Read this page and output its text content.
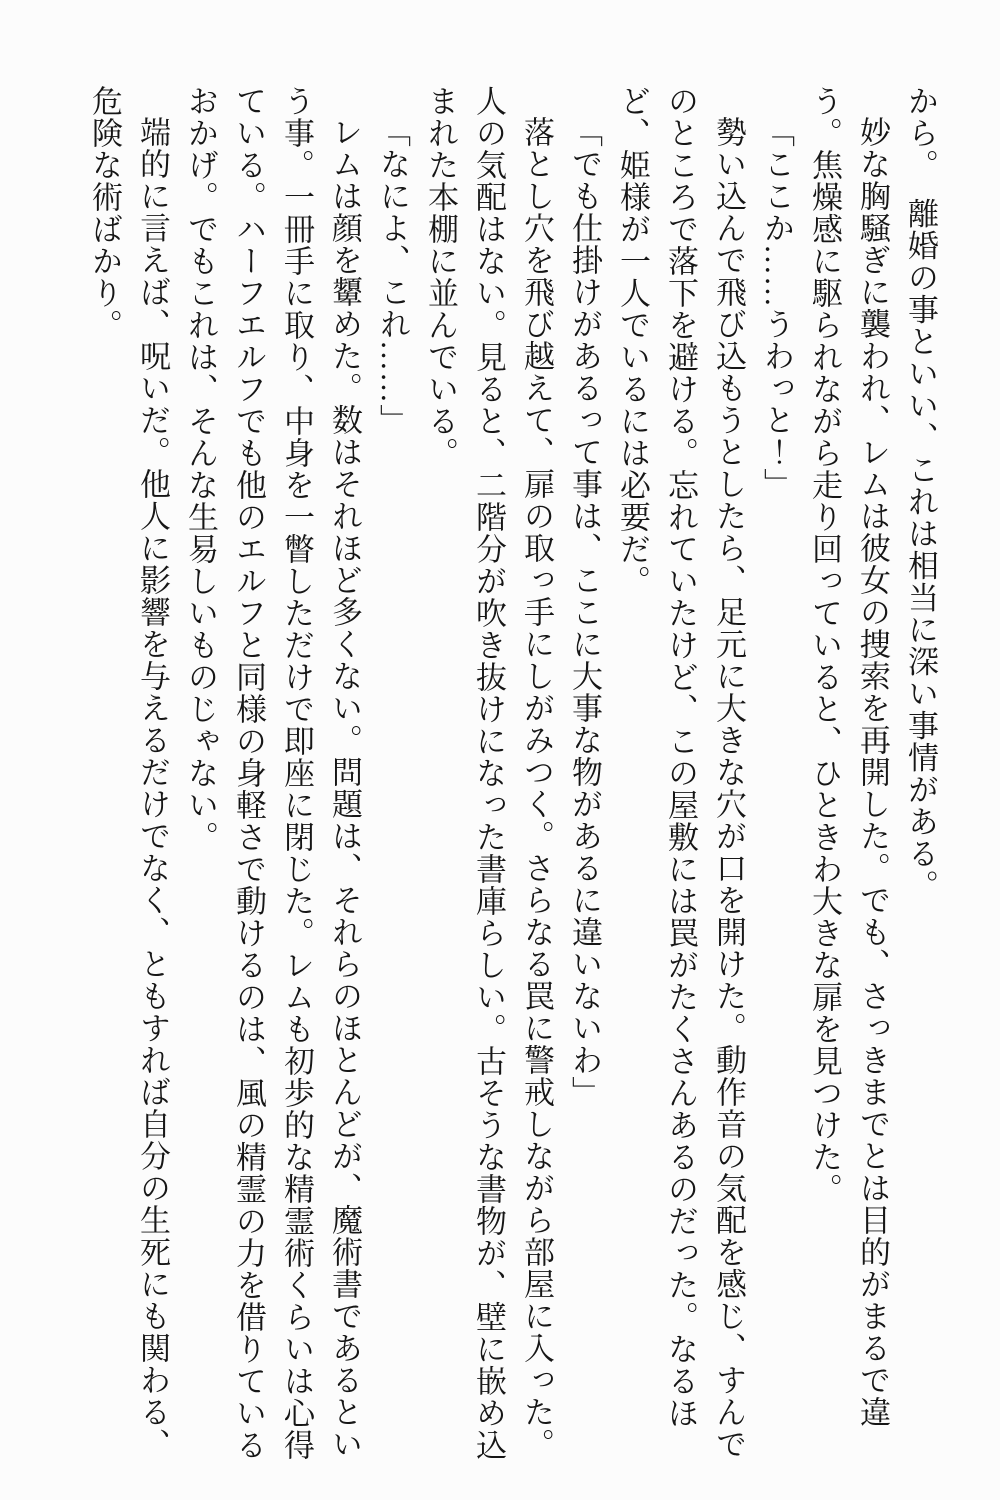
から。　離婚の事といい、これは相当に深い事情がある。

妙な胸騒ぎに襲われ、レムは彼女の捜索を再開した。でも、さっきまでとは目的がまるで違う。焦燥感に駆られながら走り回っていると、ひときわ大きな扉を見つけた。

「ここか……うわっと！」

勢い込んで飛び込もうとしたら、足元に大きな穴が口を開けた。動作音の気配を感じ、すんでのところで落下を避ける。忘れていたけど、この屋敷には罠がたくさんあるのだった。なるほど、姫様が一人でいるには必要だ。

「でも仕掛けがあるって事は、ここに大事な物があるに違いないわ」

落とし穴を飛び越えて、扉の取っ手にしがみつく。さらなる罠に警戒しながら部屋に入った。人の気配はない。見ると、二階分が吹き抜けになった書庫らしい。古そうな書物が、壁に嵌め込まれた本棚に並んでいる。

「なによ、これ……」

レムは顔を顰めた。数はそれほど多くない。問題は、それらのほとんどが、魔術書であるという事。一冊手に取り、中身を一瞥しただけで即座に閉じた。レムも初歩的な精霊術くらいは心得ている。ハーフエルフでも他のエルフと同様の身軽さで動けるのは、風の精霊の力を借りているおかげ。でもこれは、そんな生易しいものじゃない。

端的に言えば、呪いだ。他人に影響を与えるだけでなく、ともすれば自分の生死にも関わる、危険な術ばかり。
